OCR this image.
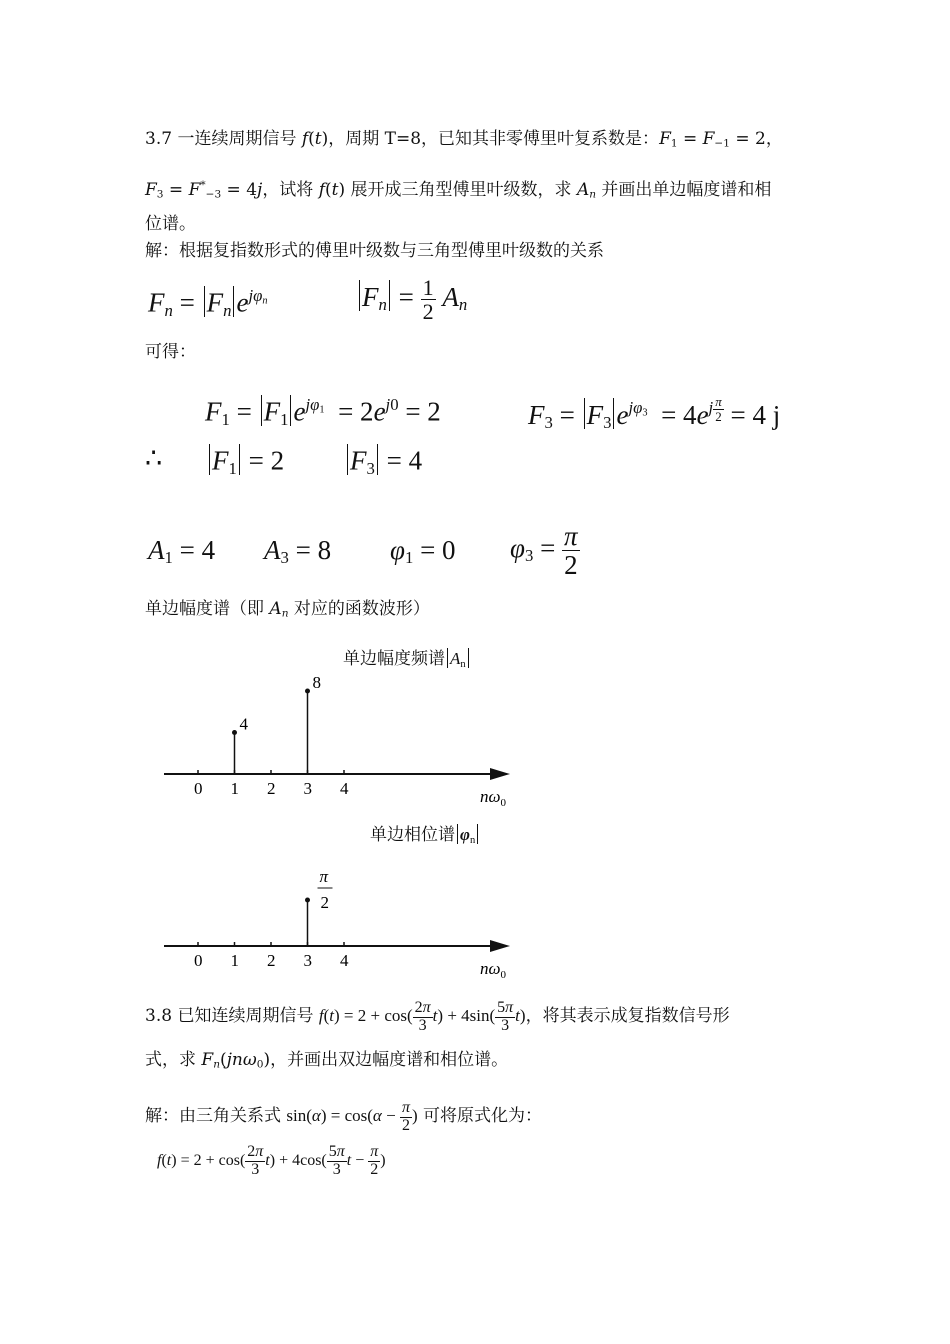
3.7 一连续周期信号 f(t)，周期 T=8，已知其非零傅里叶复系数是：$F_1 = F_{-1} = 2$，
$F_3 = F^*_{-3} = 4j$，试将 f(t) 展开成三角型傅里叶级数，求 $A_n$ 并画出单边幅度谱和相
位谱。
解：根据复指数形式的傅里叶级数与三角型傅里叶级数的关系
$F_n = F_n$ $e^{j\varphi_n}$	$F_n = \frac{1}{2} A_n$
可得：
$F_1 = F_1$ $e^{j\varphi_1} = 2e^{j0} = 2$	$F_3 = F_3$ $e^{j\varphi_3} = 4e^{j \frac{\pi}{2}} = 4$ j
∴ $F_1 = 2$ $F_3 = 4$
$A_1 = 4$ $A_3 = 8$ $\varphi_1 = 0$ $\varphi_3 = \frac{\pi}{2}$
单边幅度谱（即 $A_n$ 对应的函数波形）
单边幅度频谱 $A_n$
0 1 2 3 4	$n\omega_0$
4
8
单边相位谱 $\varphi_n$
0 1 2 3 4	$n\omega_0$
π
2
3.8 已知连续周期信号 $f(t) = 2 + \cos( \frac{2\pi}{3} t) + 4\sin( \frac{5\pi}{3} t)$，将其表示成复指数信号形
式，求 $F_n(jn\omega_0)$，并画出双边幅度谱和相位谱。
解：由三角关系式 $\sin(\alpha) = \cos(\alpha - \frac{\pi}{2}$ ) 可将原式化为：
$f(t) = 2 + \cos( \frac{2\pi}{3} t) + 4\cos( \frac{5\pi}{3}$ $t - \frac{\pi}{2}$ )
